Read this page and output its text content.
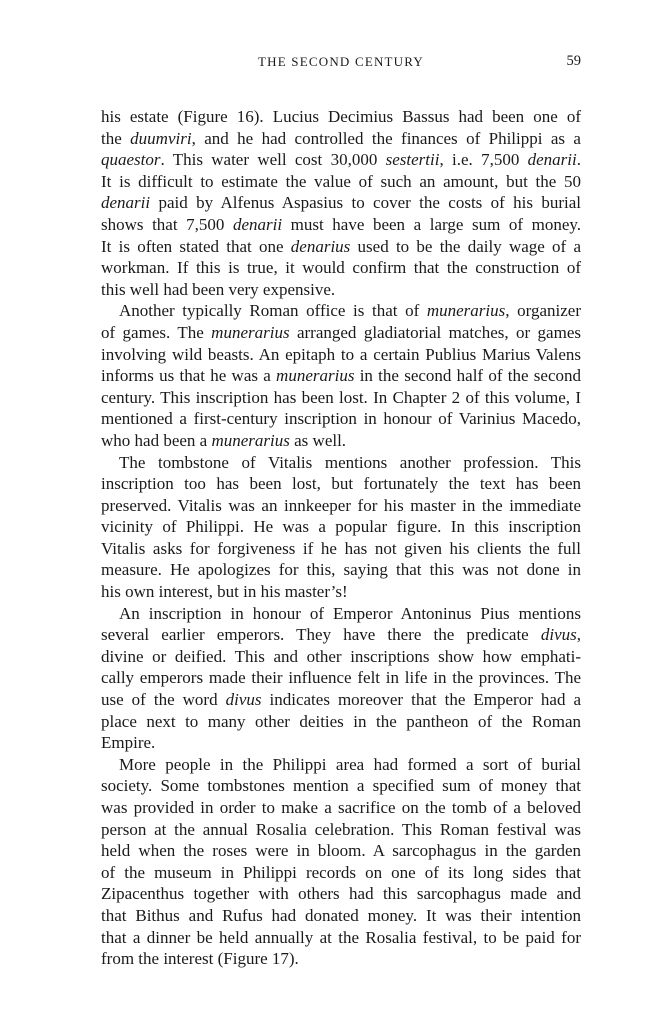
THE SECOND CENTURY	59
his estate (Figure 16). Lucius Decimius Bassus had been one of
the duumviri, and he had controlled the finances of Philippi as a
quaestor. This water well cost 30,000 sestertii, i.e. 7,500 denarii.
It is difficult to estimate the value of such an amount, but the 50
denarii paid by Alfenus Aspasius to cover the costs of his burial
shows that 7,500 denarii must have been a large sum of money.
It is often stated that one denarius used to be the daily wage of a
workman. If this is true, it would confirm that the construction of
this well had been very expensive.
Another typically Roman office is that of munerarius, organizer
of games. The munerarius arranged gladiatorial matches, or games
involving wild beasts. An epitaph to a certain Publius Marius Valens
informs us that he was a munerarius in the second half of the second
century. This inscription has been lost. In Chapter 2 of this volume, I
mentioned a first-century inscription in honour of Varinius Macedo,
who had been a munerarius as well.
The tombstone of Vitalis mentions another profession. This
inscription too has been lost, but fortunately the text has been
preserved. Vitalis was an innkeeper for his master in the immediate
vicinity of Philippi. He was a popular figure. In this inscription
Vitalis asks for forgiveness if he has not given his clients the full
measure. He apologizes for this, saying that this was not done in
his own interest, but in his master’s!
An inscription in honour of Emperor Antoninus Pius mentions
several earlier emperors. They have there the predicate divus,
divine or deified. This and other inscriptions show how emphati-
cally emperors made their influence felt in life in the provinces. The
use of the word divus indicates moreover that the Emperor had a
place next to many other deities in the pantheon of the Roman
Empire.
More people in the Philippi area had formed a sort of burial
society. Some tombstones mention a specified sum of money that
was provided in order to make a sacrifice on the tomb of a beloved
person at the annual Rosalia celebration. This Roman festival was
held when the roses were in bloom. A sarcophagus in the garden
of the museum in Philippi records on one of its long sides that
Zipacenthus together with others had this sarcophagus made and
that Bithus and Rufus had donated money. It was their intention
that a dinner be held annually at the Rosalia festival, to be paid for
from the interest (Figure 17).
